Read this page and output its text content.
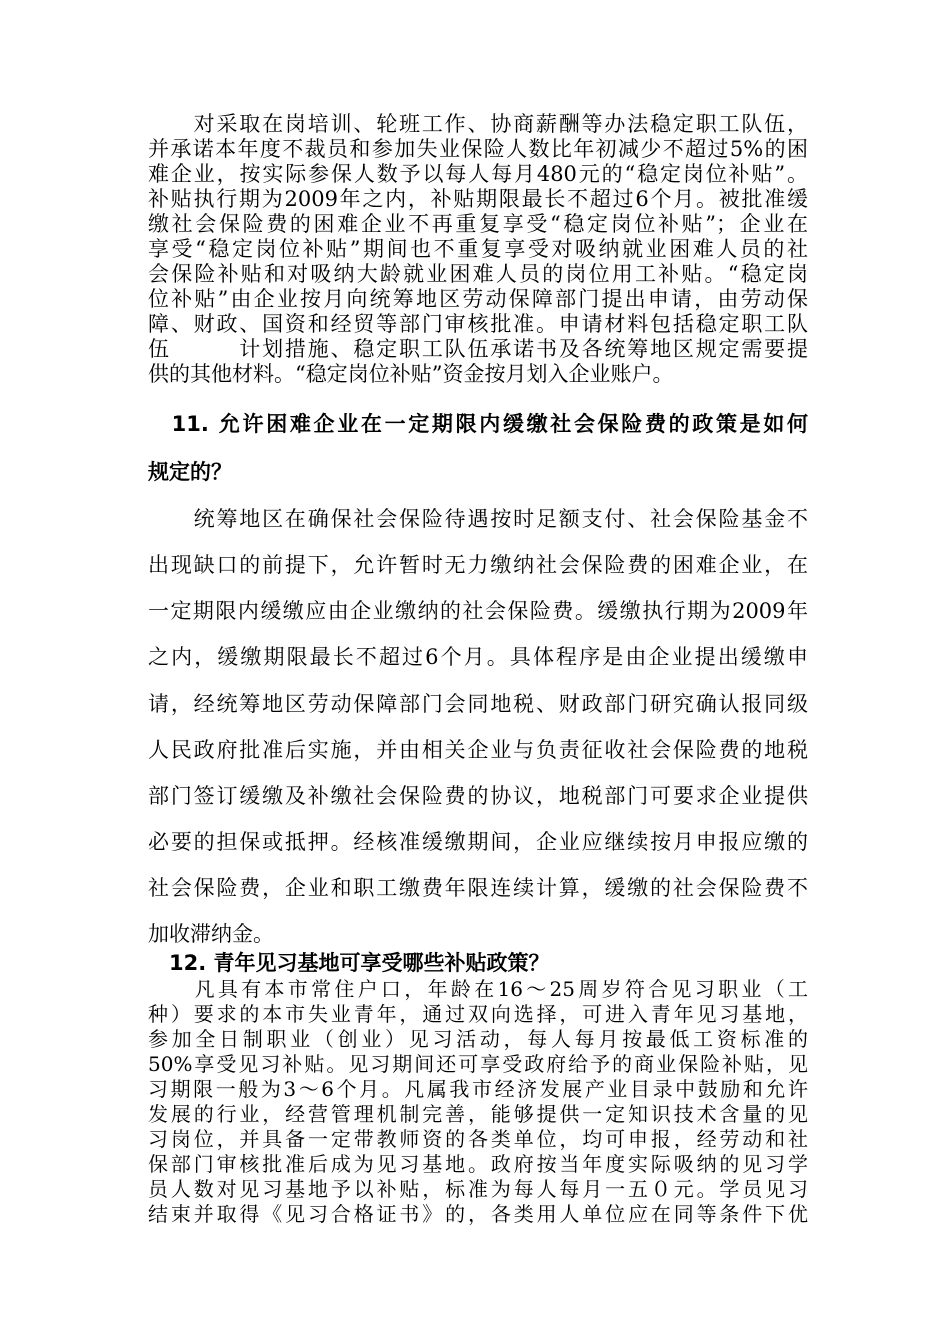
　　对采取在岗培训、轮班工作、协商薪酬等办法稳定职工队伍，
并承诺本年度不裁员和参加失业保险人数比年初减少不超过5%的困
难企业，按实际参保人数予以每人每月480元的“稳定岗位补贴”。
补贴执行期为2009年之内，补贴期限最长不超过6个月。被批准缓
缴社会保险费的困难企业不再重复享受“稳定岗位补贴”；企业在
享受“稳定岗位补贴”期间也不重复享受对吸纳就业困难人员的社
会保险补贴和对吸纳大龄就业困难人员的岗位用工补贴。“稳定岗
位补贴”由企业按月向统筹地区劳动保障部门提出申请，由劳动保
障、财政、国资和经贸等部门审核批准。申请材料包括稳定职工队
伍　　　计划措施、稳定职工队伍承诺书及各统筹地区规定需要提
供的其他材料。“稳定岗位补贴”资金按月划入企业账户。
　11. 允许困难企业在一定期限内缓缴社会保险费的政策是如何
规定的？
　　统筹地区在确保社会保险待遇按时足额支付、社会保险基金不
出现缺口的前提下，允许暂时无力缴纳社会保险费的困难企业，在
一定期限内缓缴应由企业缴纳的社会保险费。缓缴执行期为2009年
之内，缓缴期限最长不超过6个月。具体程序是由企业提出缓缴申
请，经统筹地区劳动保障部门会同地税、财政部门研究确认报同级
人民政府批准后实施，并由相关企业与负责征收社会保险费的地税
部门签订缓缴及补缴社会保险费的协议，地税部门可要求企业提供
必要的担保或抵押。经核准缓缴期间，企业应继续按月申报应缴的
社会保险费，企业和职工缴费年限连续计算，缓缴的社会保险费不
加收滞纳金。
　12. 青年见习基地可享受哪些补贴政策？
　　凡具有本市常住户口，年龄在16～25周岁符合见习职业（工
种）要求的本市失业青年，通过双向选择，可进入青年见习基地，
参加全日制职业（创业）见习活动，每人每月按最低工资标准的
50%享受见习补贴。见习期间还可享受政府给予的商业保险补贴，见
习期限一般为3～6个月。凡属我市经济发展产业目录中鼓励和允许
发展的行业，经营管理机制完善，能够提供一定知识技术含量的见
习岗位，并具备一定带教师资的各类单位，均可申报，经劳动和社
保部门审核批准后成为见习基地。政府按当年度实际吸纳的见习学
员人数对见习基地予以补贴，标准为每人每月一五０元。学员见习
结束并取得《见习合格证书》的，各类用人单位应在同等条件下优
